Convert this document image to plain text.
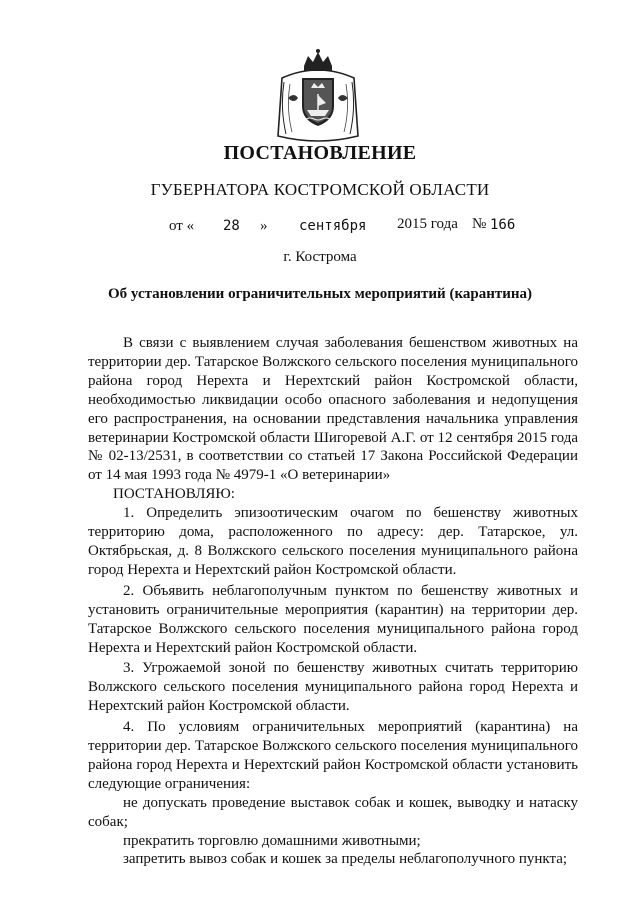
ПОСТАНОВЛЕНИЕ
ГУБЕРНАТОРА КОСТРОМСКОЙ ОБЛАСТИ
от « 28 » сентября 2015 года № 166
г. Кострома
Об установлении ограничительных мероприятий (карантина)

В связи с выявлением случая заболевания бешенством животных на территории дер. Татарское Волжского сельского поселения муниципального района город Нерехта и Нерехтский район Костромской области, необходимостью ликвидации особо опасного заболевания и недопущения его распространения, на основании представления начальника управления ветеринарии Костромской области Шигоревой А.Г. от 12 сентября 2015 года № 02-13/2531, в соответствии со статьей 17 Закона Российской Федерации от 14 мая 1993 года № 4979-1 «О ветеринарии»

ПОСТАНОВЛЯЮ:

1. Определить эпизоотическим очагом по бешенству животных территорию дома, расположенного по адресу: дер. Татарское, ул. Октябрьская, д. 8 Волжского сельского поселения муниципального района город Нерехта и Нерехтский район Костромской области.

2. Объявить неблагополучным пунктом по бешенству животных и установить ограничительные мероприятия (карантин) на территории дер. Татарское Волжского сельского поселения муниципального района город Нерехта и Нерехтский район Костромской области.

3. Угрожаемой зоной по бешенству животных считать территорию Волжского сельского поселения муниципального района город Нерехта и Нерехтский район Костромской области.

4. По условиям ограничительных мероприятий (карантина) на территории дер. Татарское Волжского сельского поселения муниципального района город Нерехта и Нерехтский район Костромской области установить следующие ограничения:

не допускать проведение выставок собак и кошек, выводку и натаску собак;

прекратить торговлю домашними животными;

запретить вывоз собак и кошек за пределы неблагополучного пункта;
